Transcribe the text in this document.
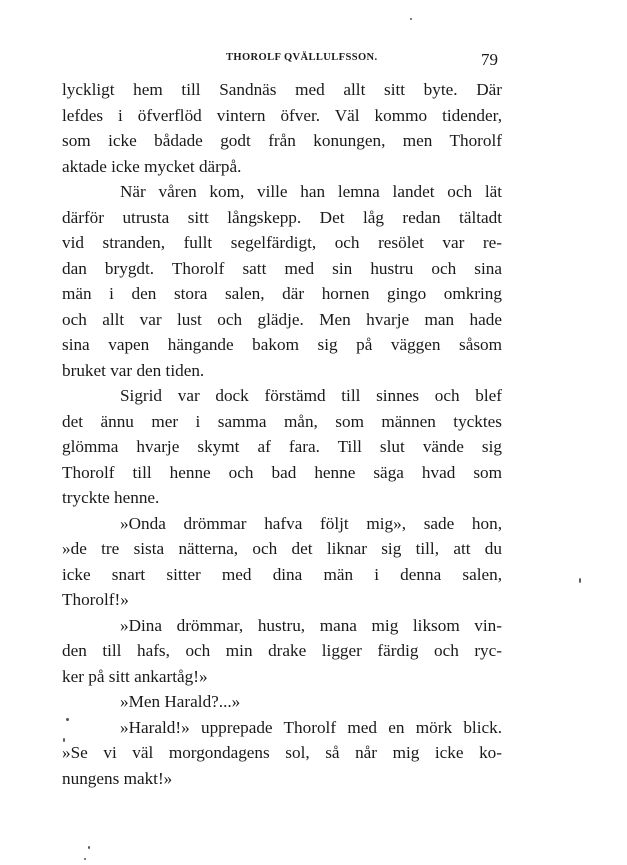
THOROLF QVÄLLULFSSON.	79
lyckligt hem till Sandnäs med allt sitt byte. Där
lefdes i öfverflöd vintern öfver. Väl kommo tidender,
som icke bådade godt från konungen, men Thorolf
aktade icke mycket därpå.
När våren kom, ville han lemna landet och lät
därför utrusta sitt långskepp. Det låg redan tältadt
vid stranden, fullt segelfärdigt, och resölet var re-
dan brygdt. Thorolf satt med sin hustru och sina
män i den stora salen, där hornen gingo omkring
och allt var lust och glädje. Men hvarje man hade
sina vapen hängande bakom sig på väggen såsom
bruket var den tiden.
Sigrid var dock förstämd till sinnes och blef
det ännu mer i samma mån, som männen tycktes
glömma hvarje skymt af fara. Till slut vände sig
Thorolf till henne och bad henne säga hvad som
tryckte henne.
»Onda drömmar hafva följt mig», sade hon,
»de tre sista nätterna, och det liknar sig till, att du
icke snart sitter med dina män i denna salen,
Thorolf!»
»Dina drömmar, hustru, mana mig liksom vin-
den till hafs, och min drake ligger färdig och ryc-
ker på sitt ankartåg!»
»Men Harald?...»
»Harald!» upprepade Thorolf med en mörk blick.
»Se vi väl morgondagens sol, så når mig icke ko-
nungens makt!»
